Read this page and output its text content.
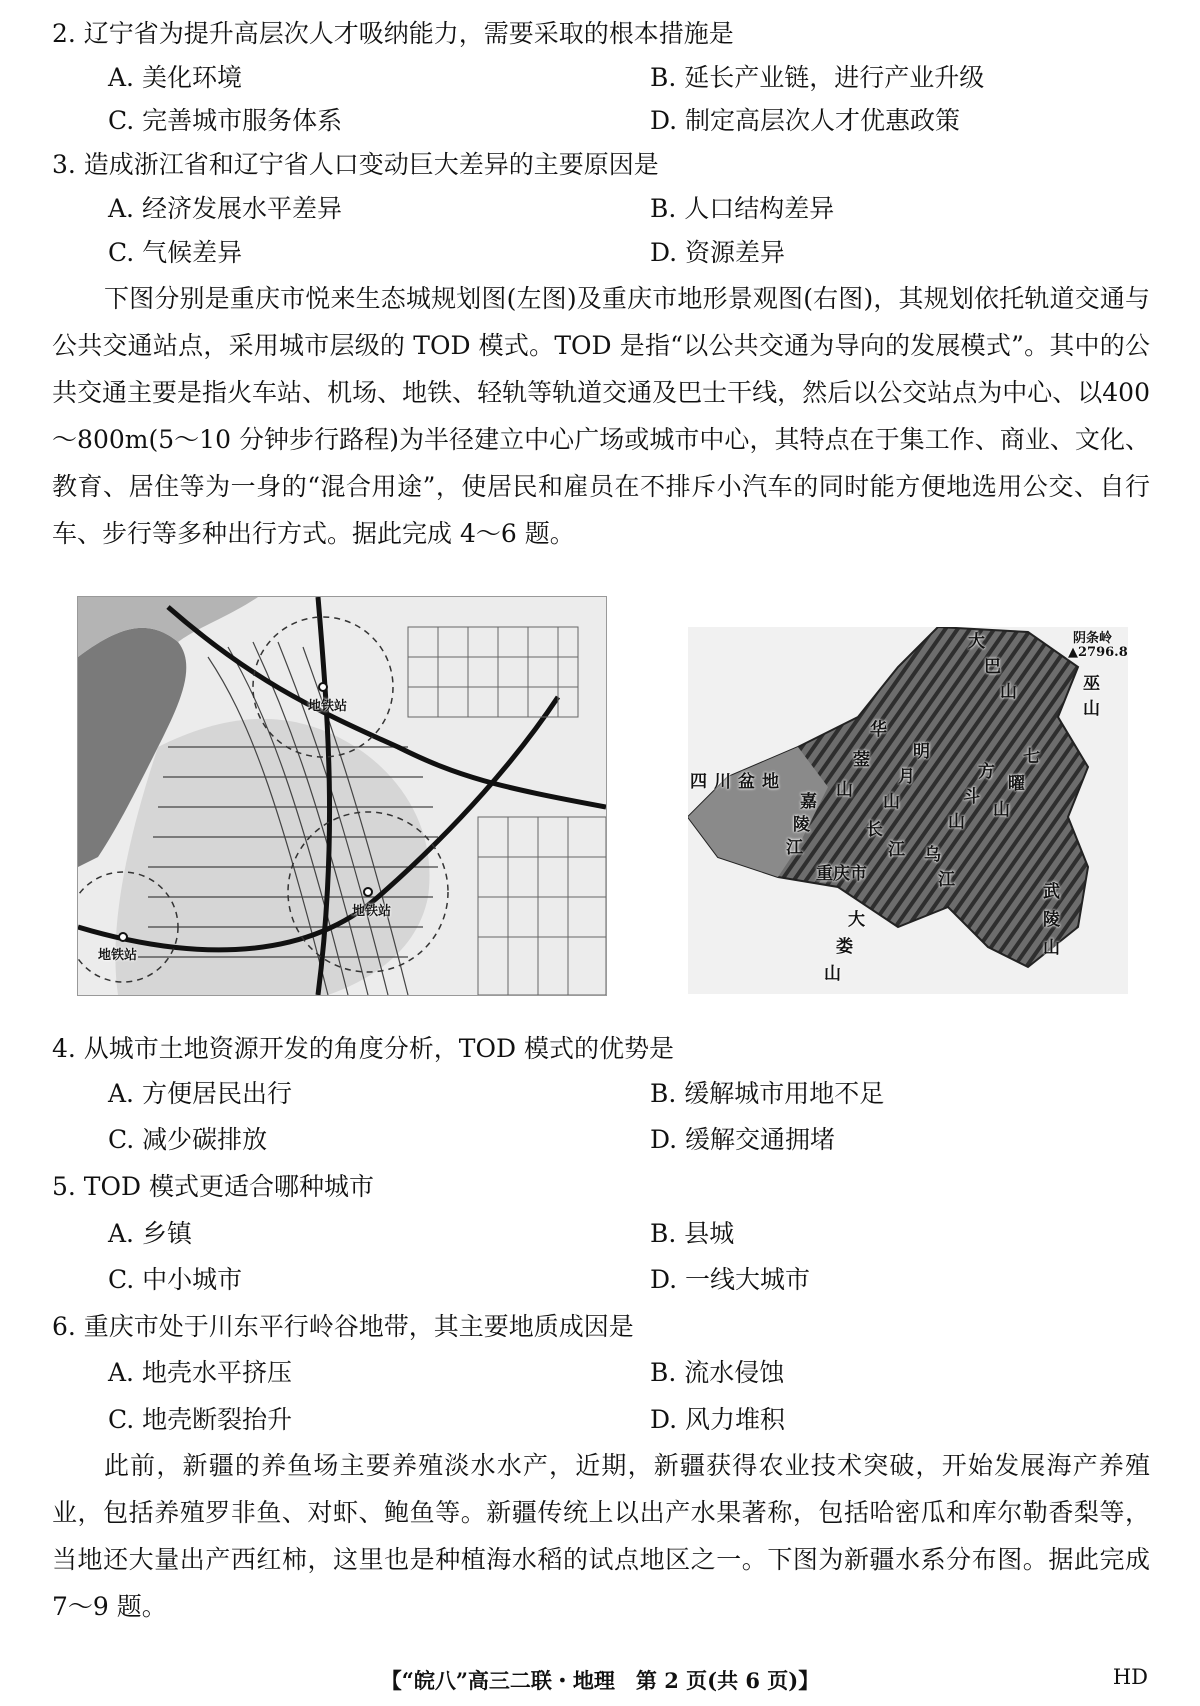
2. 辽宁省为提升高层次人才吸纳能力，需要采取的根本措施是
A. 美化环境	B. 延长产业链，进行产业升级
C. 完善城市服务体系	D. 制定高层次人才优惠政策
3. 造成浙江省和辽宁省人口变动巨大差异的主要原因是
A. 经济发展水平差异	B. 人口结构差异
C. 气候差异	D. 资源差异
下图分别是重庆市悦来生态城规划图(左图)及重庆市地形景观图(右图)，其规划依托轨道交通与公共交通站点，采用城市层级的 TOD 模式。TOD 是指“以公共交通为导向的发展模式”。其中的公共交通主要是指火车站、机场、地铁、轻轨等轨道交通及巴士干线，然后以公交站点为中心、以400～800m(5～10 分钟步行路程)为半径建立中心广场或城市中心，其特点在于集工作、商业、文化、教育、居住等为一身的“混合用途”，使居民和雇员在不排斥小汽车的同时能方便地选用公交、自行车、步行等多种出行方式。据此完成 4～6 题。
地铁站
地铁站
地铁站
大
巴
山
阴条岭
▲2796.8
巫
山
华
蓥
山
明
月
山
方
斗
山
七
曜
山
四 川 盆 地
嘉
陵
江
长
江 乌
江
重庆市
大
娄
山
武
陵
山
4. 从城市土地资源开发的角度分析，TOD 模式的优势是
A. 方便居民出行	B. 缓解城市用地不足
C. 减少碳排放	D. 缓解交通拥堵
5. TOD 模式更适合哪种城市
A. 乡镇	B. 县城
C. 中小城市	D. 一线大城市
6. 重庆市处于川东平行岭谷地带，其主要地质成因是
A. 地壳水平挤压	B. 流水侵蚀
C. 地壳断裂抬升	D. 风力堆积
此前，新疆的养鱼场主要养殖淡水水产，近期，新疆获得农业技术突破，开始发展海产养殖业，包括养殖罗非鱼、对虾、鲍鱼等。新疆传统上以出产水果著称，包括哈密瓜和库尔勒香梨等，当地还大量出产西红柿，这里也是种植海水稻的试点地区之一。下图为新疆水系分布图。据此完成 7～9 题。
【“皖八”高三二联・地理　第 2 页(共 6 页)】	HD
